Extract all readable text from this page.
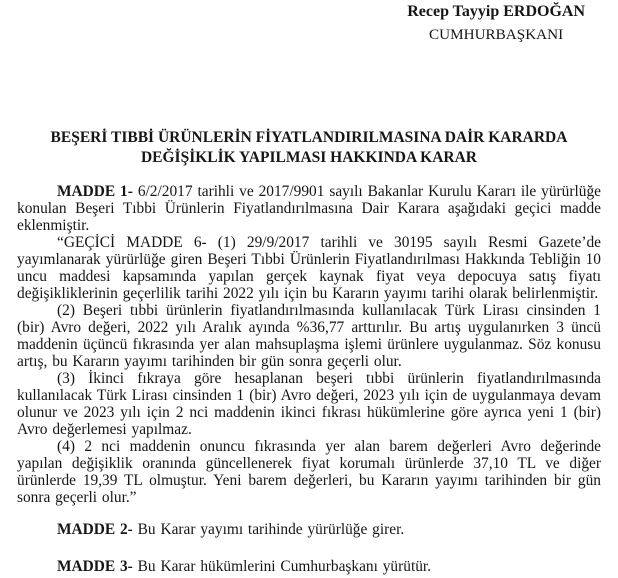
Recep Tayyip ERDOĞAN
CUMHURBAŞKANI
BEŞERİ TIBBİ ÜRÜNLERİN FİYATLANDIRILMASINA DAİR KARARDA
DEĞİŞİKLİK YAPILMASI HAKKINDA KARAR

MADDE 1- 6/2/2017 tarihli ve 2017/9901 sayılı Bakanlar Kurulu Kararı ile yürürlüğe konulan Beşeri Tıbbi Ürünlerin Fiyatlandırılmasına Dair Karara aşağıdaki geçici madde eklenmiştir.

“GEÇİCİ MADDE 6- (1) 29/9/2017 tarihli ve 30195 sayılı Resmi Gazete’de yayımlanarak yürürlüğe giren Beşeri Tıbbi Ürünlerin Fiyatlandırılması Hakkında Tebliğin 10 uncu maddesi kapsamında yapılan gerçek kaynak fiyat veya depocuya satış fiyatı değişikliklerinin geçerlilik tarihi 2022 yılı için bu Kararın yayımı tarihi olarak belirlenmiştir.

(2) Beşeri tıbbi ürünlerin fiyatlandırılmasında kullanılacak Türk Lirası cinsinden 1 (bir) Avro değeri, 2022 yılı Aralık ayında %36,77 arttırılır. Bu artış uygulanırken 3 üncü maddenin üçüncü fıkrasında yer alan mahsuplaşma işlemi ürünlere uygulanmaz. Söz konusu artış, bu Kararın yayımı tarihinden bir gün sonra geçerli olur.

(3) İkinci fıkraya göre hesaplanan beşeri tıbbi ürünlerin fiyatlandırılmasında kullanılacak Türk Lirası cinsinden 1 (bir) Avro değeri, 2023 yılı için de uygulanmaya devam olunur ve 2023 yılı için 2 nci maddenin ikinci fıkrası hükümlerine göre ayrıca yeni 1 (bir) Avro değerlemesi yapılmaz.

(4) 2 nci maddenin onuncu fıkrasında yer alan barem değerleri Avro değerinde yapılan değişiklik oranında güncellenerek fiyat korumalı ürünlerde 37,10 TL ve diğer ürünlerde 19,39 TL olmuştur. Yeni barem değerleri, bu Kararın yayımı tarihinden bir gün sonra geçerli olur.”

MADDE 2- Bu Karar yayımı tarihinde yürürlüğe girer.

MADDE 3- Bu Karar hükümlerini Cumhurbaşkanı yürütür.
